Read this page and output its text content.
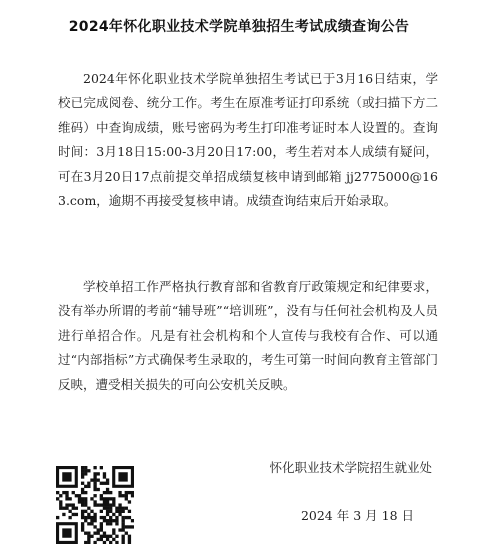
2024年怀化职业技术学院单独招生考试成绩查询公告
2024年怀化职业技术学院单独招生考试已于3月16日结束，学校已完成阅卷、统分工作。考生在原准考证打印系统（或扫描下方二维码）中查询成绩，账号密码为考生打印准考证时本人设置的。查询时间：3月18日15:00-3月20日17:00，考生若对本人成绩有疑问，可在3月20日17点前提交单招成绩复核申请到邮箱 jj2775000@163.com，逾期不再接受复核申请。成绩查询结束后开始录取。
学校单招工作严格执行教育部和省教育厅政策规定和纪律要求，没有举办所谓的考前“辅导班”“培训班”，没有与任何社会机构及人员进行单招合作。凡是有社会机构和个人宣传与我校有合作、可以通过“内部指标”方式确保考生录取的，考生可第一时间向教育主管部门反映，遭受相关损失的可向公安机关反映。
怀化职业技术学院招生就业处
2024 年 3 月 18 日
